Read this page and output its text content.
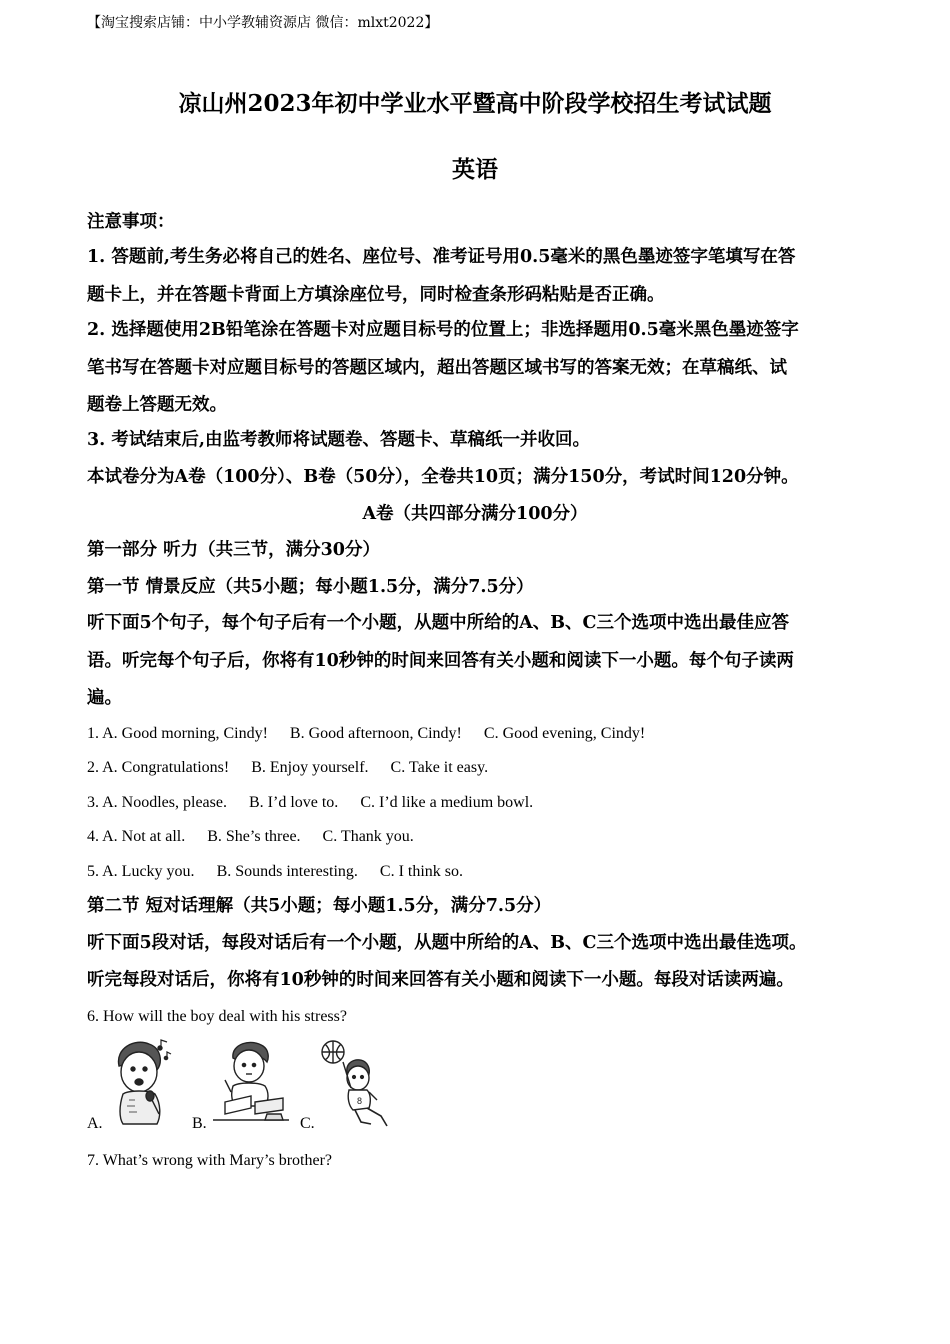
【淘宝搜索店铺：中小学教辅资源店 微信：mlxt2022】
凉山州2023年初中学业水平暨高中阶段学校招生考试试题
英语
注意事项：
1. 答题前,考生务必将自己的姓名、座位号、准考证号用0.5毫米的黑色墨迹签字笔填写在答
题卡上，并在答题卡背面上方填涂座位号，同时检查条形码粘贴是否正确。
2. 选择题使用2B铅笔涂在答题卡对应题目标号的位置上；非选择题用0.5毫米黑色墨迹签字
笔书写在答题卡对应题目标号的答题区域内，超出答题区域书写的答案无效；在草稿纸、试
题卷上答题无效。
3. 考试结束后,由监考教师将试题卷、答题卡、草稿纸一并收回。
本试卷分为A卷（100分）、B卷（50分），全卷共10页；满分150分，考试时间120分钟。
A卷（共四部分满分100分）
第一部分 听力（共三节，满分30分）
第一节 情景反应（共5小题；每小题1.5分，满分7.5分）
听下面5个句子，每个句子后有一个小题，从题中所给的A、B、C三个选项中选出最佳应答
语。听完每个句子后，你将有10秒钟的时间来回答有关小题和阅读下一小题。每个句子读两
遍。
1. A. Good morning, Cindy! B. Good afternoon, Cindy! C. Good evening, Cindy!
2. A. Congratulations! B. Enjoy yourself. C. Take it easy.
3. A. Noodles, please. B. I’d love to. C. I’d like a medium bowl.
4. A. Not at all. B. She’s three. C. Thank you.
5. A. Lucky you. B. Sounds interesting. C. I think so.
第二节 短对话理解（共5小题；每小题1.5分，满分7.5分）
听下面5段对话，每段对话后有一个小题，从题中所给的A、B、C三个选项中选出最佳选项。
听完每段对话后，你将有10秒钟的时间来回答有关小题和阅读下一小题。每段对话读两遍。
6. How will the boy deal with his stress?
A.	B.	C.
8
7. What’s wrong with Mary’s brother?
